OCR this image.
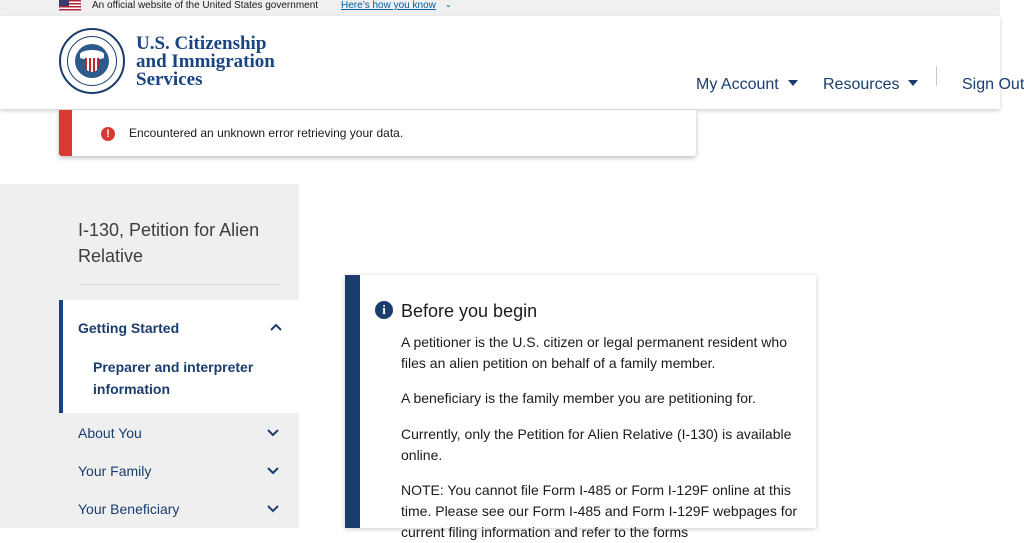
An official website of the United States government Here’s how you know ⌄
U.S. Citizenship
and Immigration
Services	My Account	Resources	Sign Out
!	Encountered an unknown error retrieving your data.
I-130, Petition for Alien Relative
Getting Started
Preparer and interpreter information
About You
Your Family
Your Beneficiary
i Before you begin
A petitioner is the U.S. citizen or legal permanent resident who files an alien petition on behalf of a family member.
A beneficiary is the family member you are petitioning for.
Currently, only the Petition for Alien Relative (I-130) is available online.
NOTE: You cannot file Form I-485 or Form I-129F online at this time. Please see our Form I-485 and Form I-129F webpages for current filing information and refer to the forms
